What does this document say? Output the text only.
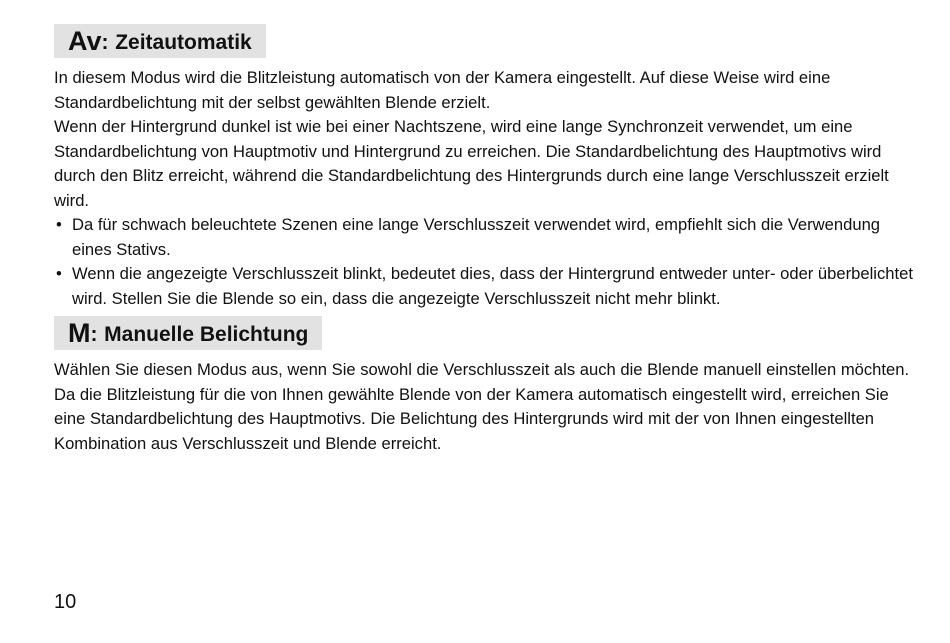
Av: Zeitautomatik

In diesem Modus wird die Blitzleistung automatisch von der Kamera eingestellt. Auf diese Weise wird eine Standardbelichtung mit der selbst gewählten Blende erzielt.

Wenn der Hintergrund dunkel ist wie bei einer Nachtszene, wird eine lange Synchronzeit verwendet, um eine Standardbelichtung von Hauptmotiv und Hintergrund zu erreichen. Die Standardbelichtung des Hauptmotivs wird durch den Blitz erreicht, während die Standardbelichtung des Hintergrunds durch eine lange Verschlusszeit erzielt wird.

• Da für schwach beleuchtete Szenen eine lange Verschlusszeit verwendet wird, empfiehlt sich die Verwendung eines Stativs.
• Wenn die angezeigte Verschlusszeit blinkt, bedeutet dies, dass der Hintergrund entweder unter- oder überbelichtet wird. Stellen Sie die Blende so ein, dass die angezeigte Verschlusszeit nicht mehr blinkt.
M: Manuelle Belichtung

Wählen Sie diesen Modus aus, wenn Sie sowohl die Verschlusszeit als auch die Blende manuell einstellen möchten.

Da die Blitzleistung für die von Ihnen gewählte Blende von der Kamera automatisch eingestellt wird, erreichen Sie eine Standardbelichtung des Hauptmotivs. Die Belichtung des Hintergrunds wird mit der von Ihnen eingestellten Kombination aus Verschlusszeit und Blende erreicht.

10
